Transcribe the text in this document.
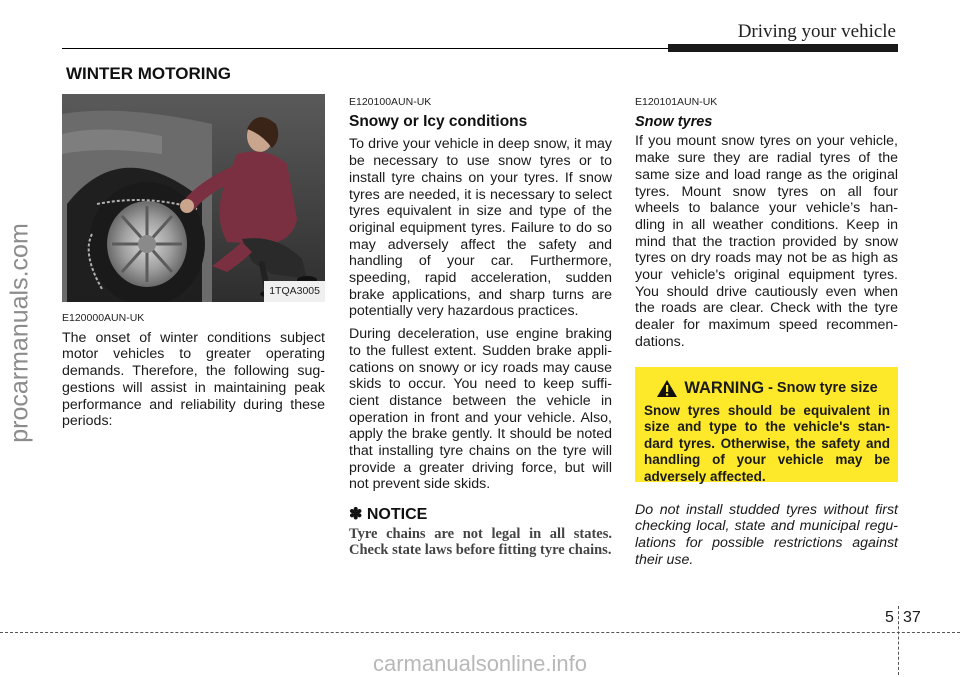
Driving your vehicle
procarmanuals.com
WINTER MOTORING
1TQA3005
E120000AUN-UK
The onset of winter conditions subject motor vehicles to greater operating demands. Therefore, the following sug-gestions will assist in maintaining peak performance and reliability during these periods:
E120100AUN-UK
Snowy or Icy conditions
To drive your vehicle in deep snow, it may be necessary to use snow tyres or to install tyre chains on your tyres. If snow tyres are needed, it is necessary to select tyres equivalent in size and type of the original equipment tyres. Failure to do so may adversely affect the safety and handling of your car. Furthermore, speeding, rapid acceleration, sudden brake applications, and sharp turns are potentially very hazardous practices.
During deceleration, use engine braking to the fullest extent. Sudden brake appli-cations on snowy or icy roads may cause skids to occur. You need to keep suffi-cient distance between the vehicle in operation in front and your vehicle. Also, apply the brake gently. It should be noted that installing tyre chains on the tyre will provide a greater driving force, but will not prevent side skids.
✽ NOTICE
Tyre chains are not legal in all states. Check state laws before fitting tyre chains.
E120101AUN-UK
Snow tyres
If you mount snow tyres on your vehicle, make sure they are radial tyres of the same size and load range as the original tyres. Mount snow tyres on all four wheels to balance your vehicle’s han-dling in all weather conditions. Keep in mind that the traction provided by snow tyres on dry roads may not be as high as your vehicle's original equipment tyres. You should drive cautiously even when the roads are clear. Check with the tyre dealer for maximum speed recommen-dations.
WARNING - Snow tyre size
Snow tyres should be equivalent in size and type to the vehicle's stan-dard tyres. Otherwise, the safety and handling of your vehicle may be adversely affected.
Do not install studded tyres without first checking local, state and municipal regu-lations for possible restrictions against their use.
5 37
carmanualsonline.info
